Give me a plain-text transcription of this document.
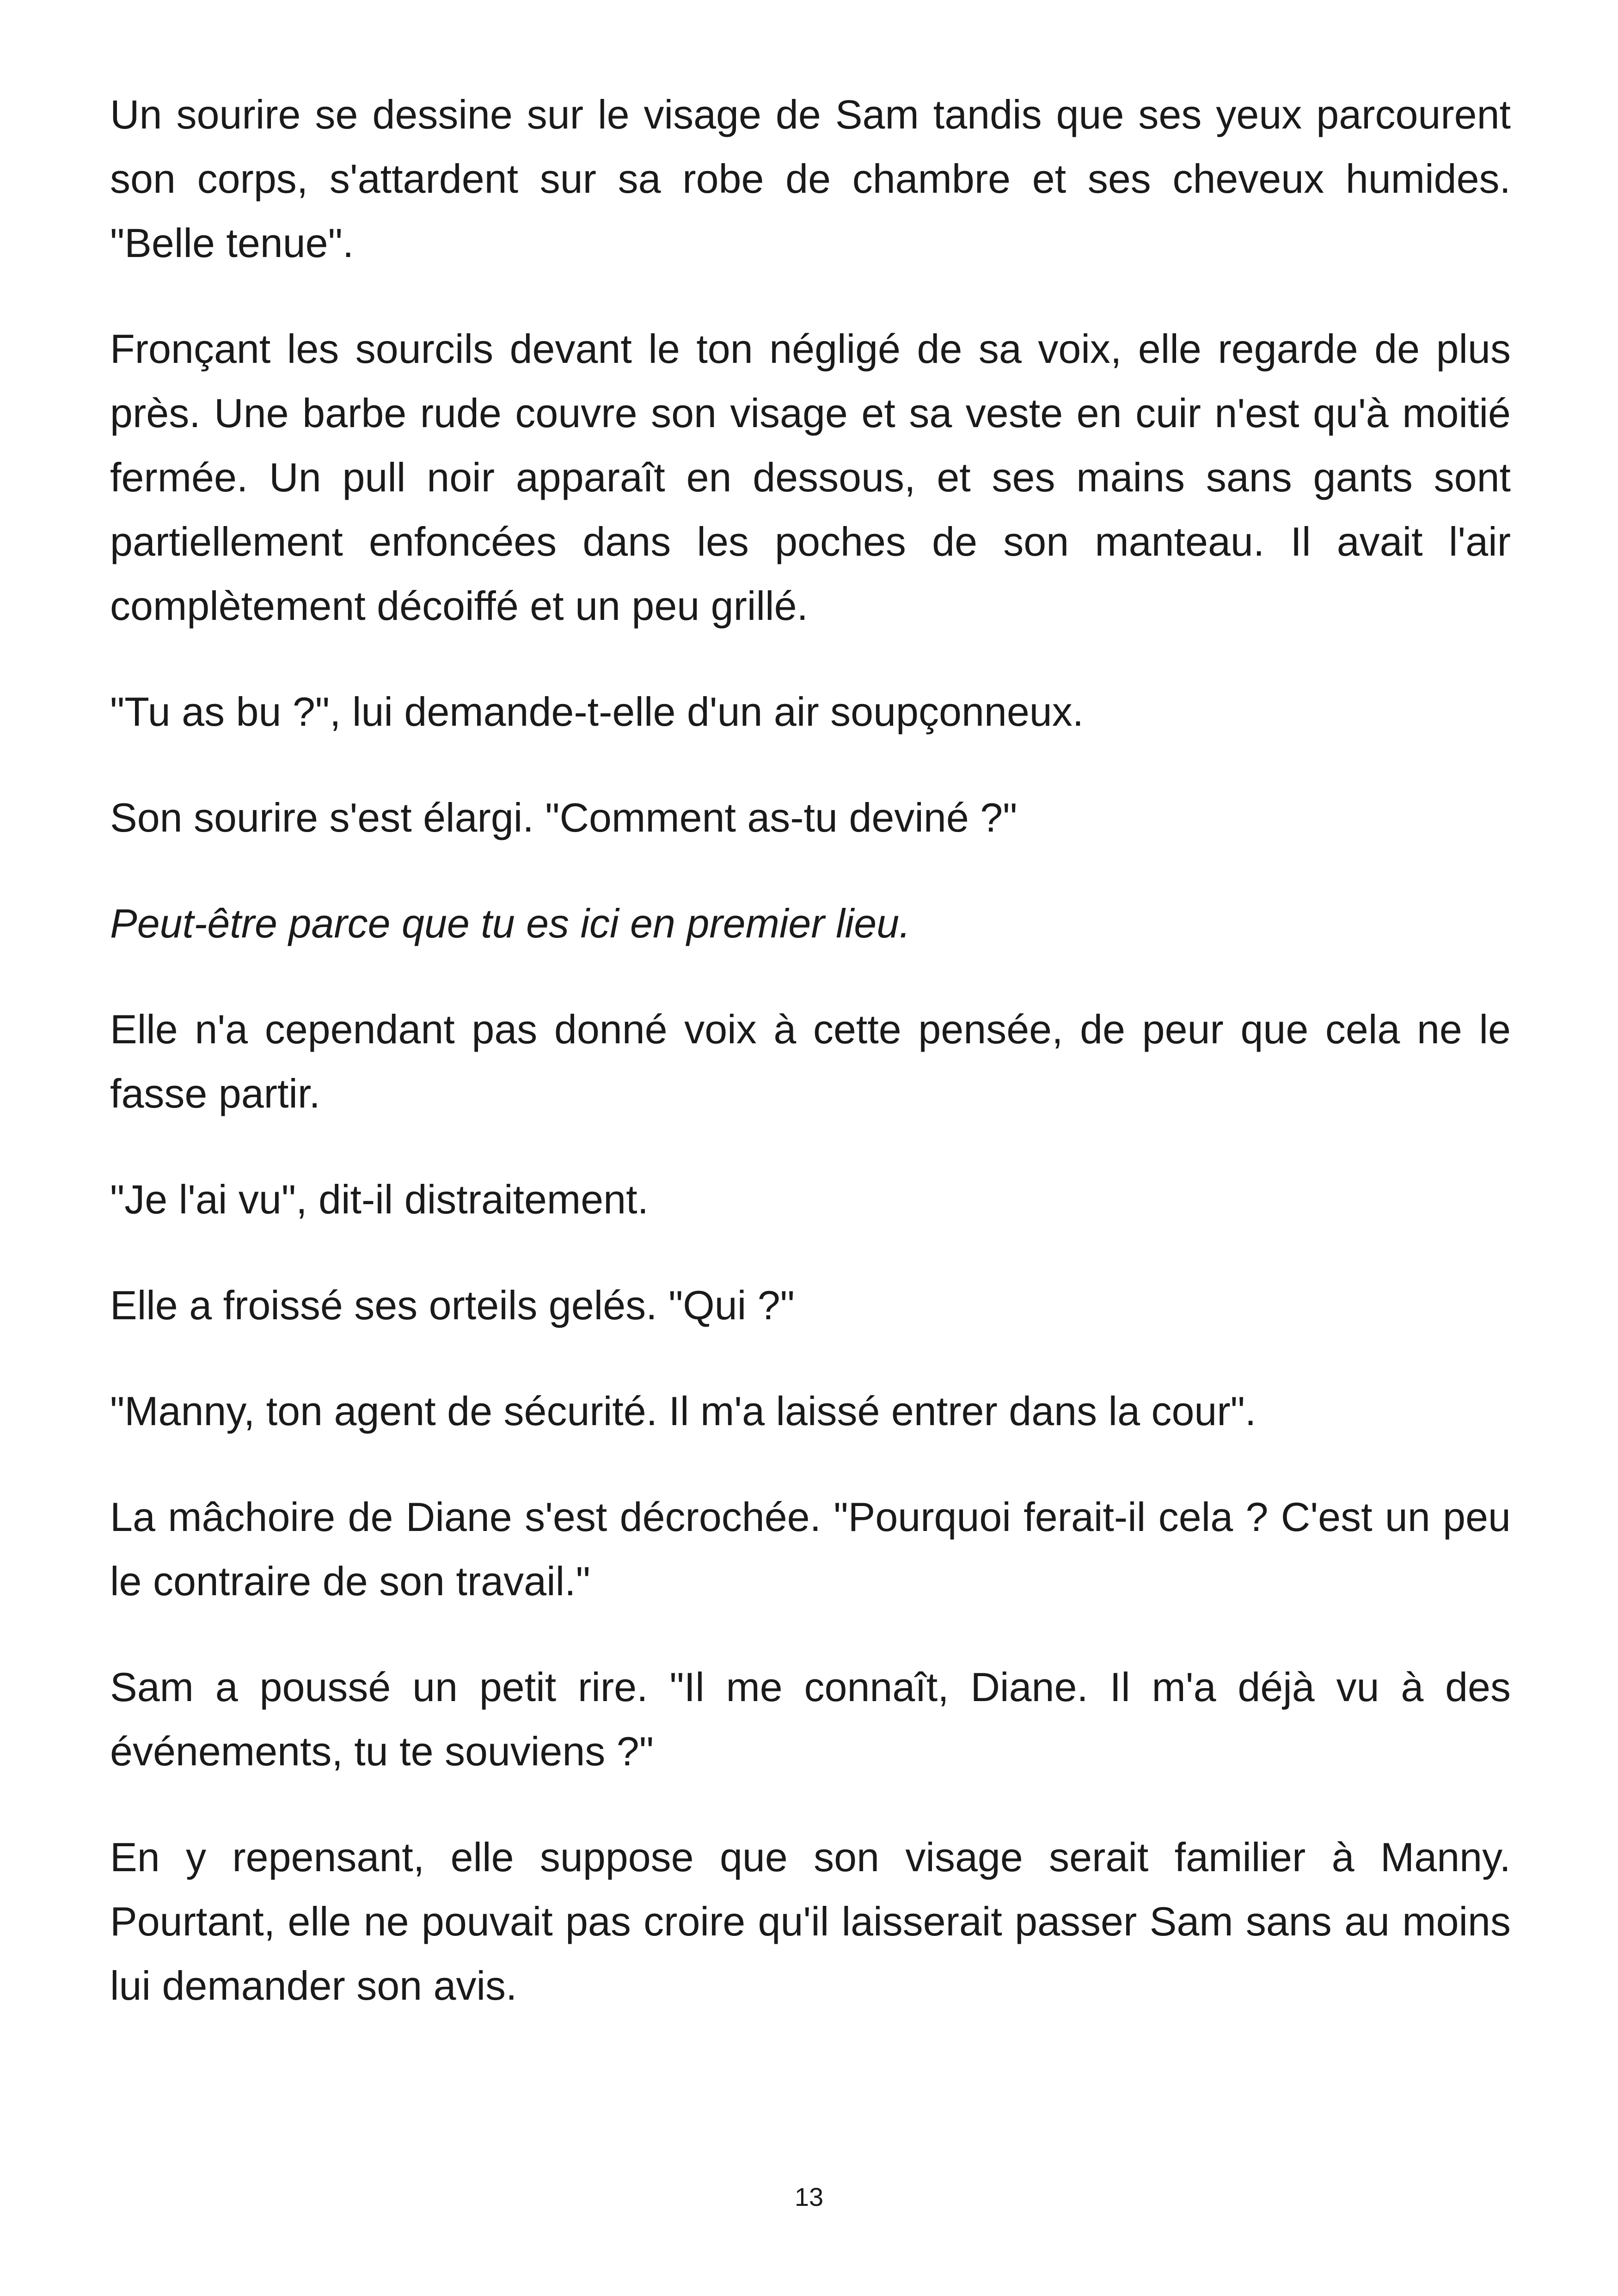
Un sourire se dessine sur le visage de Sam tandis que ses yeux parcourent son corps, s'attardent sur sa robe de chambre et ses cheveux humides. "Belle tenue".

Fronçant les sourcils devant le ton négligé de sa voix, elle regarde de plus près. Une barbe rude couvre son visage et sa veste en cuir n'est qu'à moitié fermée. Un pull noir apparaît en dessous, et ses mains sans gants sont partiellement enfoncées dans les poches de son manteau. Il avait l'air complètement décoiffé et un peu grillé.

"Tu as bu ?", lui demande-t-elle d'un air soupçonneux.

Son sourire s'est élargi. "Comment as-tu deviné ?"

Peut-être parce que tu es ici en premier lieu.

Elle n'a cependant pas donné voix à cette pensée, de peur que cela ne le fasse partir.

"Je l'ai vu", dit-il distraitement.

Elle a froissé ses orteils gelés. "Qui ?"

"Manny, ton agent de sécurité. Il m'a laissé entrer dans la cour".

La mâchoire de Diane s'est décrochée. "Pourquoi ferait-il cela ? C'est un peu le contraire de son travail."

Sam a poussé un petit rire. "Il me connaît, Diane. Il m'a déjà vu à des événements, tu te souviens ?"

En y repensant, elle suppose que son visage serait familier à Manny. Pourtant, elle ne pouvait pas croire qu'il laisserait passer Sam sans au moins lui demander son avis.

13
